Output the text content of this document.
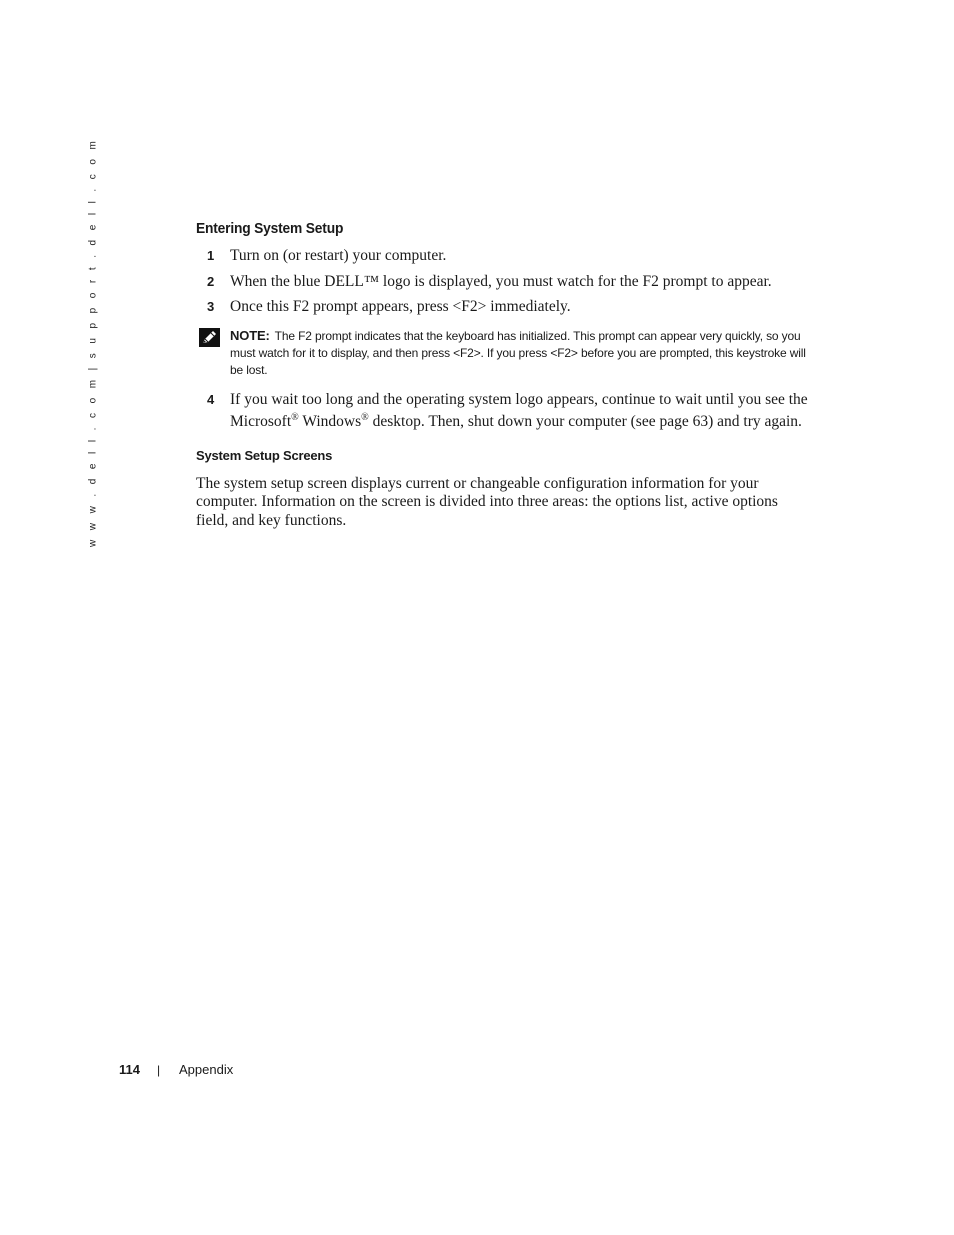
w w w . d e l l . c o m | s u p p o r t . d e l l . c o m	Entering System Setup
1	Turn on (or restart) your computer.
2	When the blue DELL™ logo is displayed, you must watch for the F2 prompt to appear.
3	Once this F2 prompt appears, press <F2> immediately.
NOTE: The F2 prompt indicates that the keyboard has initialized. This prompt can appear very quickly, so you must watch for it to display, and then press <F2>. If you press <F2> before you are prompted, this keystroke will be lost.
4	If you wait too long and the operating system logo appears, continue to wait until you see the Microsoft® Windows® desktop. Then, shut down your computer (see page 63) and try again.
System Setup Screens

The system setup screen displays current or changeable configuration information for your computer. Information on the screen is divided into three areas: the options list, active options field, and key functions.

114	|	Appendix
